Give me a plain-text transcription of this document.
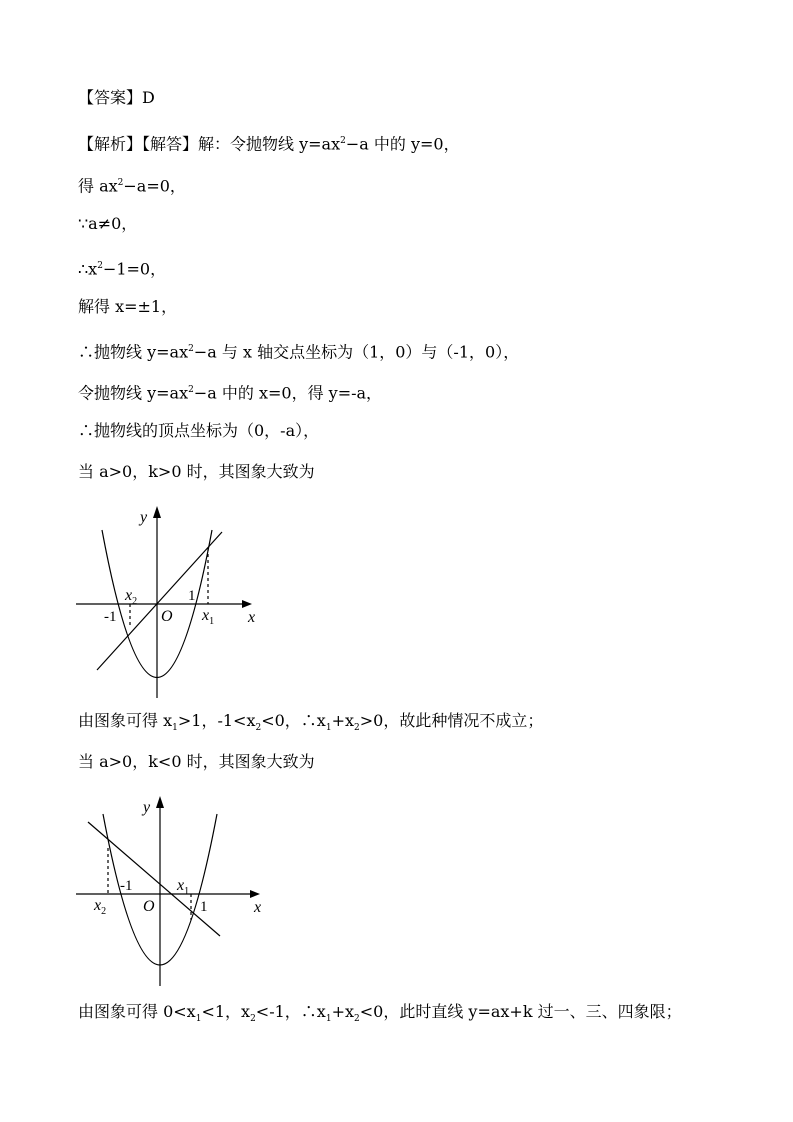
【答案】D
【解析】【解答】解：令抛物线 $y=ax^2-a$ 中的 y=0，
得 $ax^2-a=0$，
∵a≠0，
$\therefore x^2-1=0$，
解得 x=±1，
∴抛物线 $y=ax^2-a$ 与 x 轴交点坐标为（1，0）与（-1，0），
令抛物线 $y=ax^2-a$ 中的 x=0，得 y=-a，
∴抛物线的顶点坐标为（0，-a），
当 a>0，k>0 时，其图象大致为
y
x
O $x_1$
$x_2$	1
-1
由图象可得 $x_1>1$，$-1<x_2<0$，$\therefore x_1+x_2>0$，故此种情况不成立；
当 a>0，k<0 时，其图象大致为
y
x
O
$x_1$
$x_2$
-1
1
由图象可得 $0<x_1<1$，$x_2<-1$，$\therefore x_1+x_2<0$，此时直线 y=ax+k 过一、三、四象限；
